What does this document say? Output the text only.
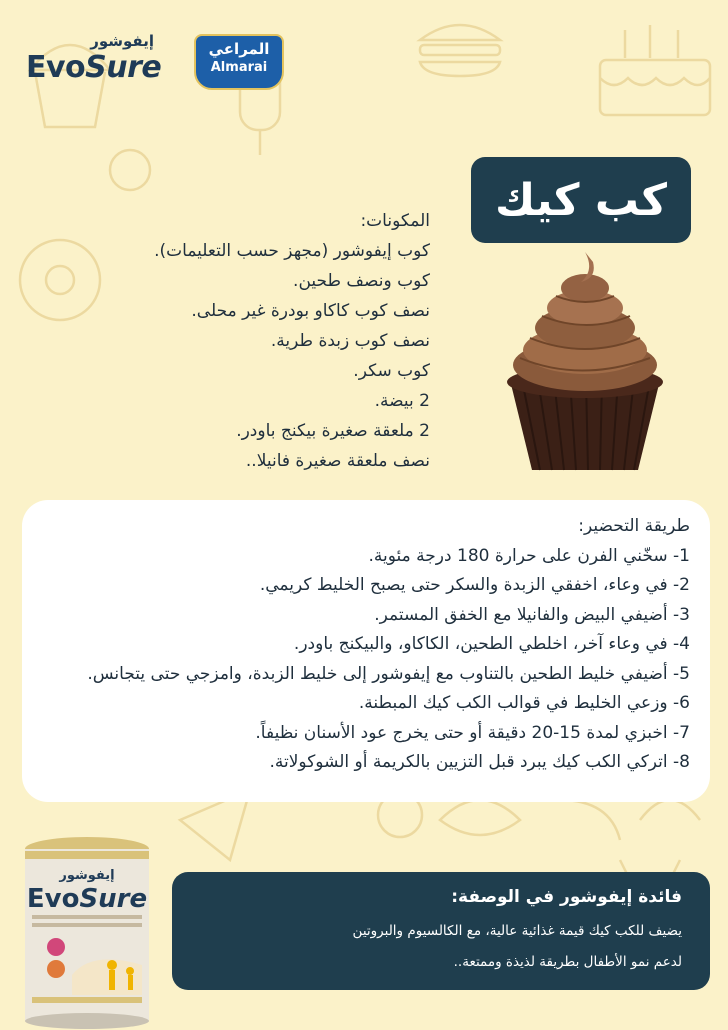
إيفوشور
EvoSure
المراعي
Almarai
كب كيك
المكونات:
كوب إيفوشور (مجهز حسب التعليمات).
كوب ونصف طحين.
نصف كوب كاكاو بودرة غير محلى.
نصف كوب زبدة طرية.
كوب سكر.
2 بيضة.
2 ملعقة صغيرة بيكنج باودر.
نصف ملعقة صغيرة فانيلا..
طريقة التحضير:
1- سخّني الفرن على حرارة 180 درجة مئوية.
2- في وعاء، اخفقي الزبدة والسكر حتى يصبح الخليط كريمي.
3- أضيفي البيض والفانيلا مع الخفق المستمر.
4- في وعاء آخر، اخلطي الطحين، الكاكاو، والبيكنج باودر.
5- أضيفي خليط الطحين بالتناوب مع إيفوشور إلى خليط الزبدة، وامزجي حتى يتجانس.
6- وزعي الخليط في قوالب الكب كيك المبطنة.
7- اخبزي لمدة 15-20 دقيقة أو حتى يخرج عود الأسنان نظيفاً.
8- اتركي الكب كيك يبرد قبل التزيين بالكريمة أو الشوكولاتة.
إيفوشور
EvoSure	فائدة إيفوشور في الوصفة:
يضيف للكب كيك قيمة غذائية عالية، مع الكالسيوم والبروتين
لدعم نمو الأطفال بطريقة لذيذة وممتعة..
